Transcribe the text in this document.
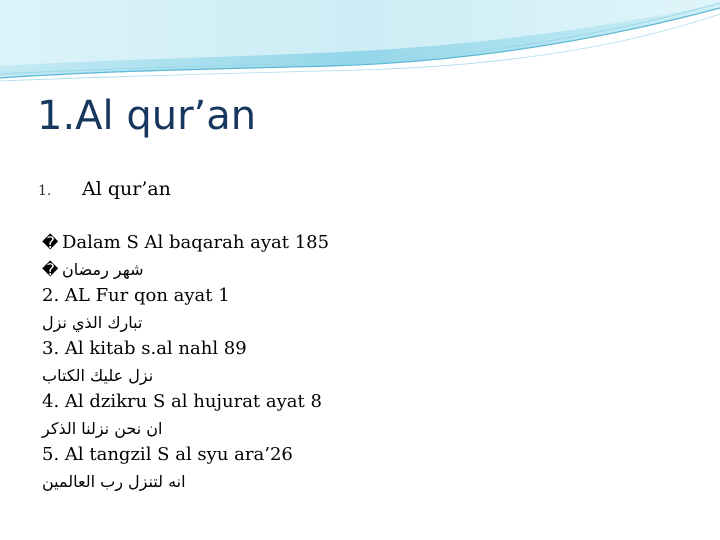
1.Al qur’an
1. Al qur’an
� Dalam S Al baqarah ayat 185
� شهر رمضان
2. AL Fur qon ayat 1
تبارك الذي نزل
3. Al kitab s.al nahl 89
نزل عليك الكتاب
4. Al dzikru S al hujurat ayat 8
ان نحن نزلنا الذكر
5. Al tangzil S al syu ara’26
انه لتنزل رب العالمين
